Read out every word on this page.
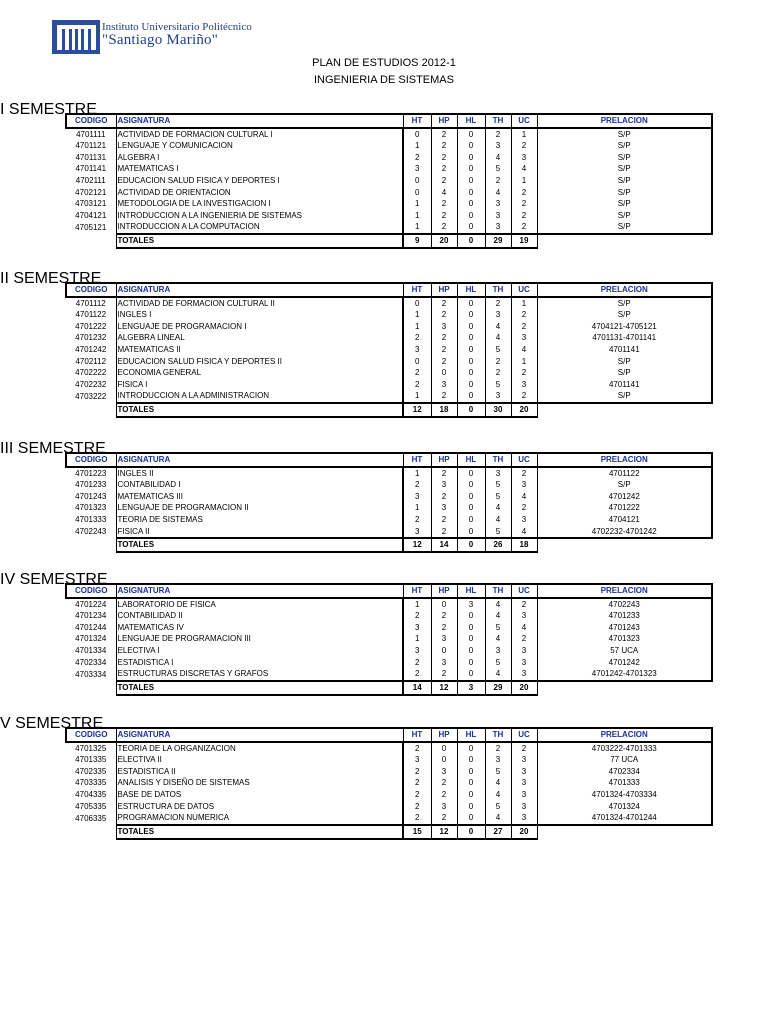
Instituto Universitario Politécnico
"Santiago Mariño"
PLAN DE ESTUDIOS 2012-1
INGENIERIA DE SISTEMAS
I SEMESTRE
CODIGO	ASIGNATURA	HT	HP	HL	TH	UC	PRELACION
4701111	ACTIVIDAD DE FORMACION CULTURAL I	0	2	0	2	1	S/P
4701121	LENGUAJE Y COMUNICACION	1	2	0	3	2	S/P
4701131	ALGEBRA I	2	2	0	4	3	S/P
4701141	MATEMATICAS I	3	2	0	5	4	S/P
4702111	EDUCACION SALUD FISICA Y DEPORTES I	0	2	0	2	1	S/P
4702121	ACTIVIDAD DE ORIENTACION	0	4	0	4	2	S/P
4703121	METODOLOGIA DE LA INVESTIGACION I	1	2	0	3	2	S/P
4704121	INTRODUCCION A LA INGENIERIA DE SISTEMAS	1	2	0	3	2	S/P
4705121	INTRODUCCION A LA COMPUTACION	1	2	0	3	2	S/P
	TOTALES	9	20	0	29	19	
II SEMESTRE
CODIGO	ASIGNATURA	HT	HP	HL	TH	UC	PRELACION
4701112	ACTIVIDAD DE FORMACION CULTURAL II	0	2	0	2	1	S/P
4701122	INGLES I	1	2	0	3	2	S/P
4701222	LENGUAJE DE PROGRAMACION I	1	3	0	4	2	4704121-4705121
4701232	ALGEBRA LINEAL	2	2	0	4	3	4701131-4701141
4701242	MATEMATICAS II	3	2	0	5	4	4701141
4702112	EDUCACION SALUD FISICA Y DEPORTES II	0	2	0	2	1	S/P
4702222	ECONOMIA GENERAL	2	0	0	2	2	S/P
4702232	FISICA I	2	3	0	5	3	4701141
4703222	INTRODUCCION A LA ADMINISTRACION	1	2	0	3	2	S/P
	TOTALES	12	18	0	30	20	
III SEMESTRE
CODIGO	ASIGNATURA	HT	HP	HL	TH	UC	PRELACION
4701223	INGLES II	1	2	0	3	2	4701122
4701233	CONTABILIDAD I	2	3	0	5	3	S/P
4701243	MATEMATICAS III	3	2	0	5	4	4701242
4701323	LENGUAJE DE PROGRAMACION II	1	3	0	4	2	4701222
4701333	TEORIA DE SISTEMAS	2	2	0	4	3	4704121
4702243	FISICA II	3	2	0	5	4	4702232-4701242
	TOTALES	12	14	0	26	18	
IV SEMESTRE
CODIGO	ASIGNATURA	HT	HP	HL	TH	UC	PRELACION
4701224	LABORATORIO DE FISICA	1	0	3	4	2	4702243
4701234	CONTABILIDAD II	2	2	0	4	3	4701233
4701244	MATEMATICAS IV	3	2	0	5	4	4701243
4701324	LENGUAJE DE PROGRAMACION III	1	3	0	4	2	4701323
4701334	ELECTIVA I	3	0	0	3	3	57 UCA
4702334	ESTADISTICA I	2	3	0	5	3	4701242
4703334	ESTRUCTURAS DISCRETAS Y GRAFOS	2	2	0	4	3	4701242-4701323
	TOTALES	14	12	3	29	20	
V SEMESTRE
CODIGO	ASIGNATURA	HT	HP	HL	TH	UC	PRELACION
4701325	TEORIA DE LA ORGANIZACION	2	0	0	2	2	4703222-4701333
4701335	ELECTIVA II	3	0	0	3	3	77 UCA
4702335	ESTADISTICA II	2	3	0	5	3	4702334
4703335	ANALISIS Y DISEÑO DE SISTEMAS	2	2	0	4	3	4701333
4704335	BASE DE DATOS	2	2	0	4	3	4701324-4703334
4705335	ESTRUCTURA DE DATOS	2	3	0	5	3	4701324
4706335	PROGRAMACION NUMERICA	2	2	0	4	3	4701324-4701244
	TOTALES	15	12	0	27	20	
